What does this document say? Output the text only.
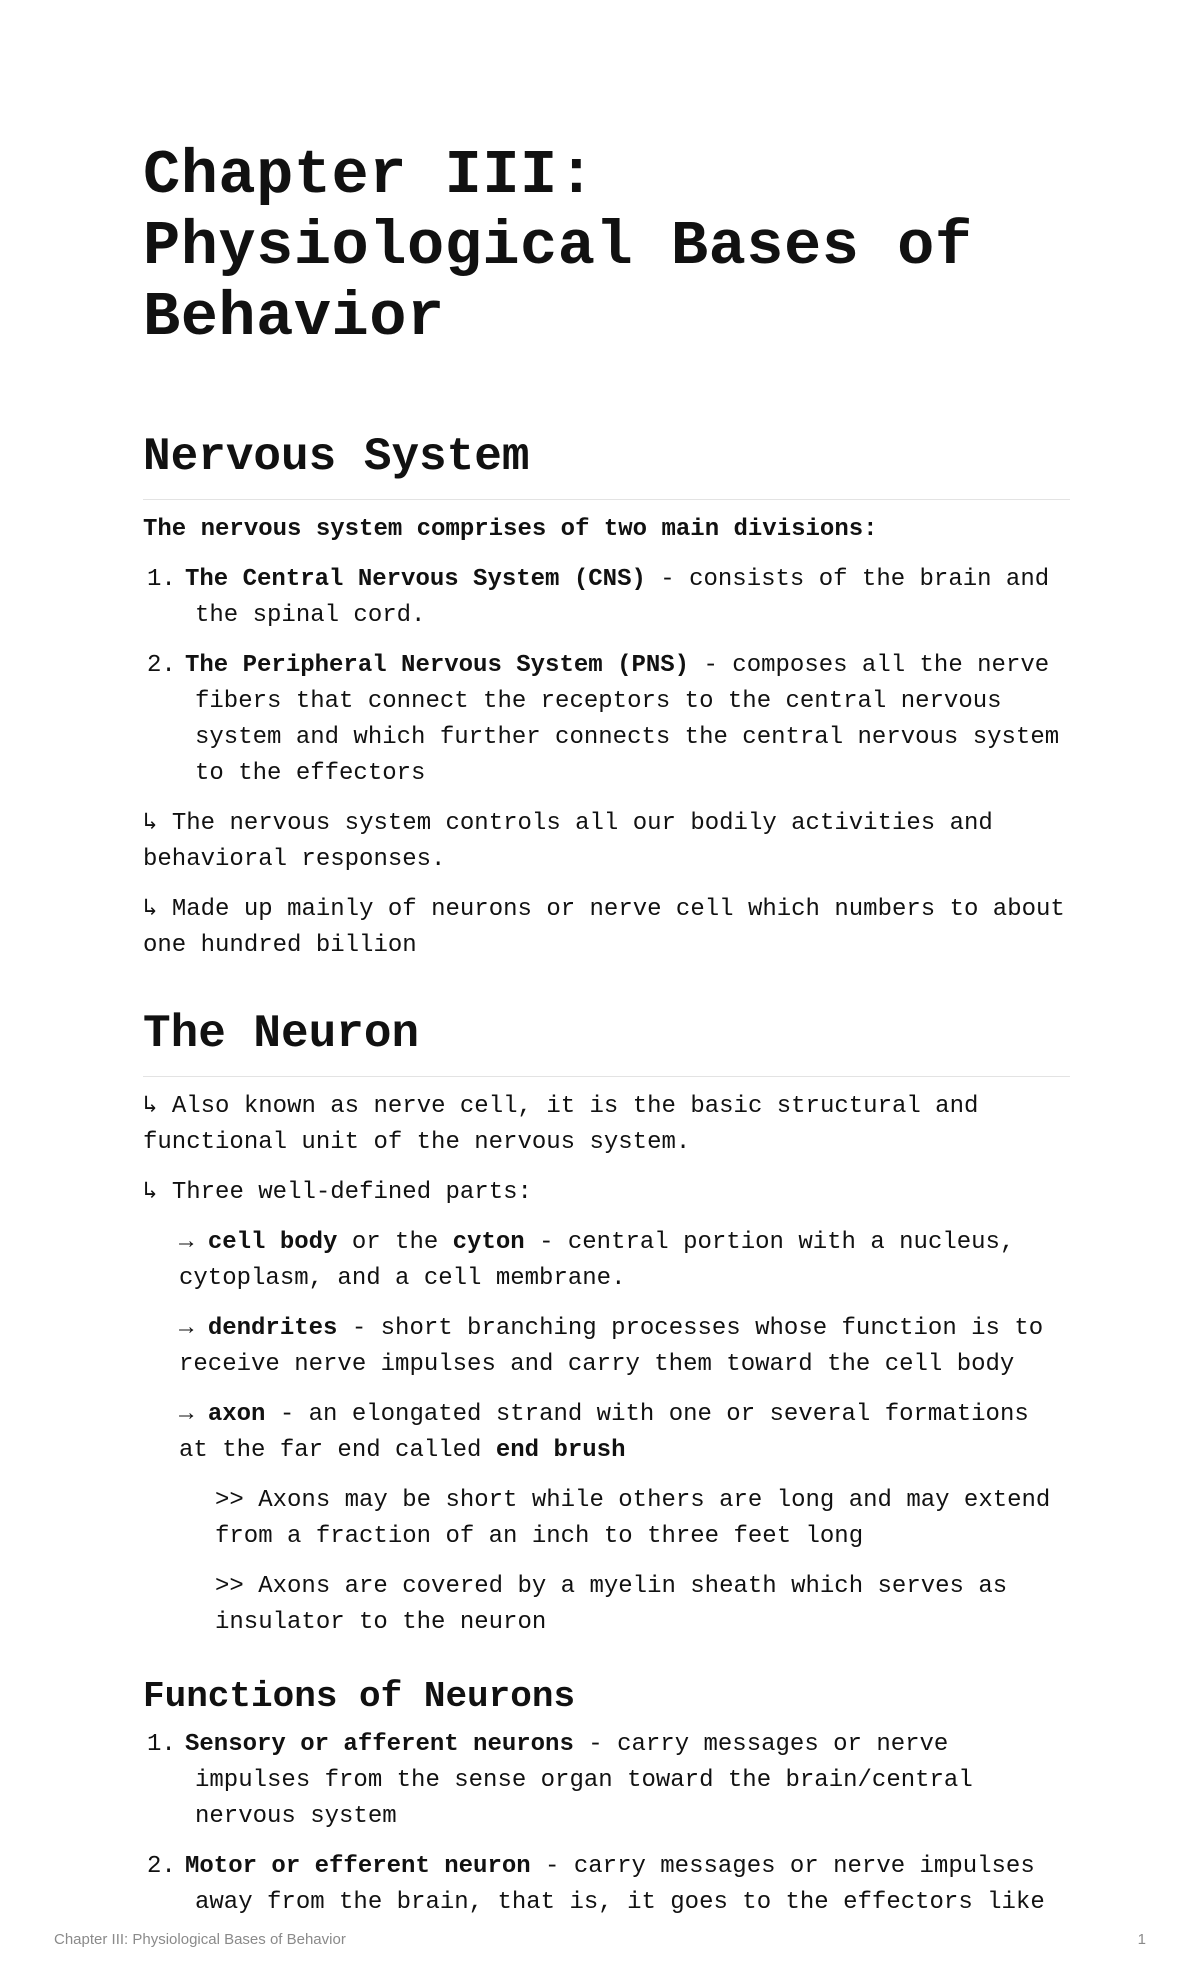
Chapter III: Physiological Bases of Behavior
Nervous System

The nervous system comprises of two main divisions:

1. The Central Nervous System (CNS) - consists of the brain and the spinal cord.
2. The Peripheral Nervous System (PNS) - composes all the nerve fibers that connect the receptors to the central nervous system and which further connects the central nervous system to the effectors

↳ The nervous system controls all our bodily activities and behavioral responses.

↳ Made up mainly of neurons or nerve cell which numbers to about one hundred billion

The Neuron

↳ Also known as nerve cell, it is the basic structural and functional unit of the nervous system.

↳ Three well-defined parts:

→ cell body or the cyton - central portion with a nucleus, cytoplasm, and a cell membrane.

→ dendrites - short branching processes whose function is to receive nerve impulses and carry them toward the cell body

→ axon - an elongated strand with one or several formations at the far end called end brush

>> Axons may be short while others are long and may extend from a fraction of an inch to three feet long

>> Axons are covered by a myelin sheath which serves as insulator to the neuron

Functions of Neurons
1. Sensory or afferent neurons - carry messages or nerve impulses from the sense organ toward the brain/central nervous system
2. Motor or efferent neuron - carry messages or nerve impulses away from the brain, that is, it goes to the effectors like
Chapter III: Physiological Bases of Behavior	1
